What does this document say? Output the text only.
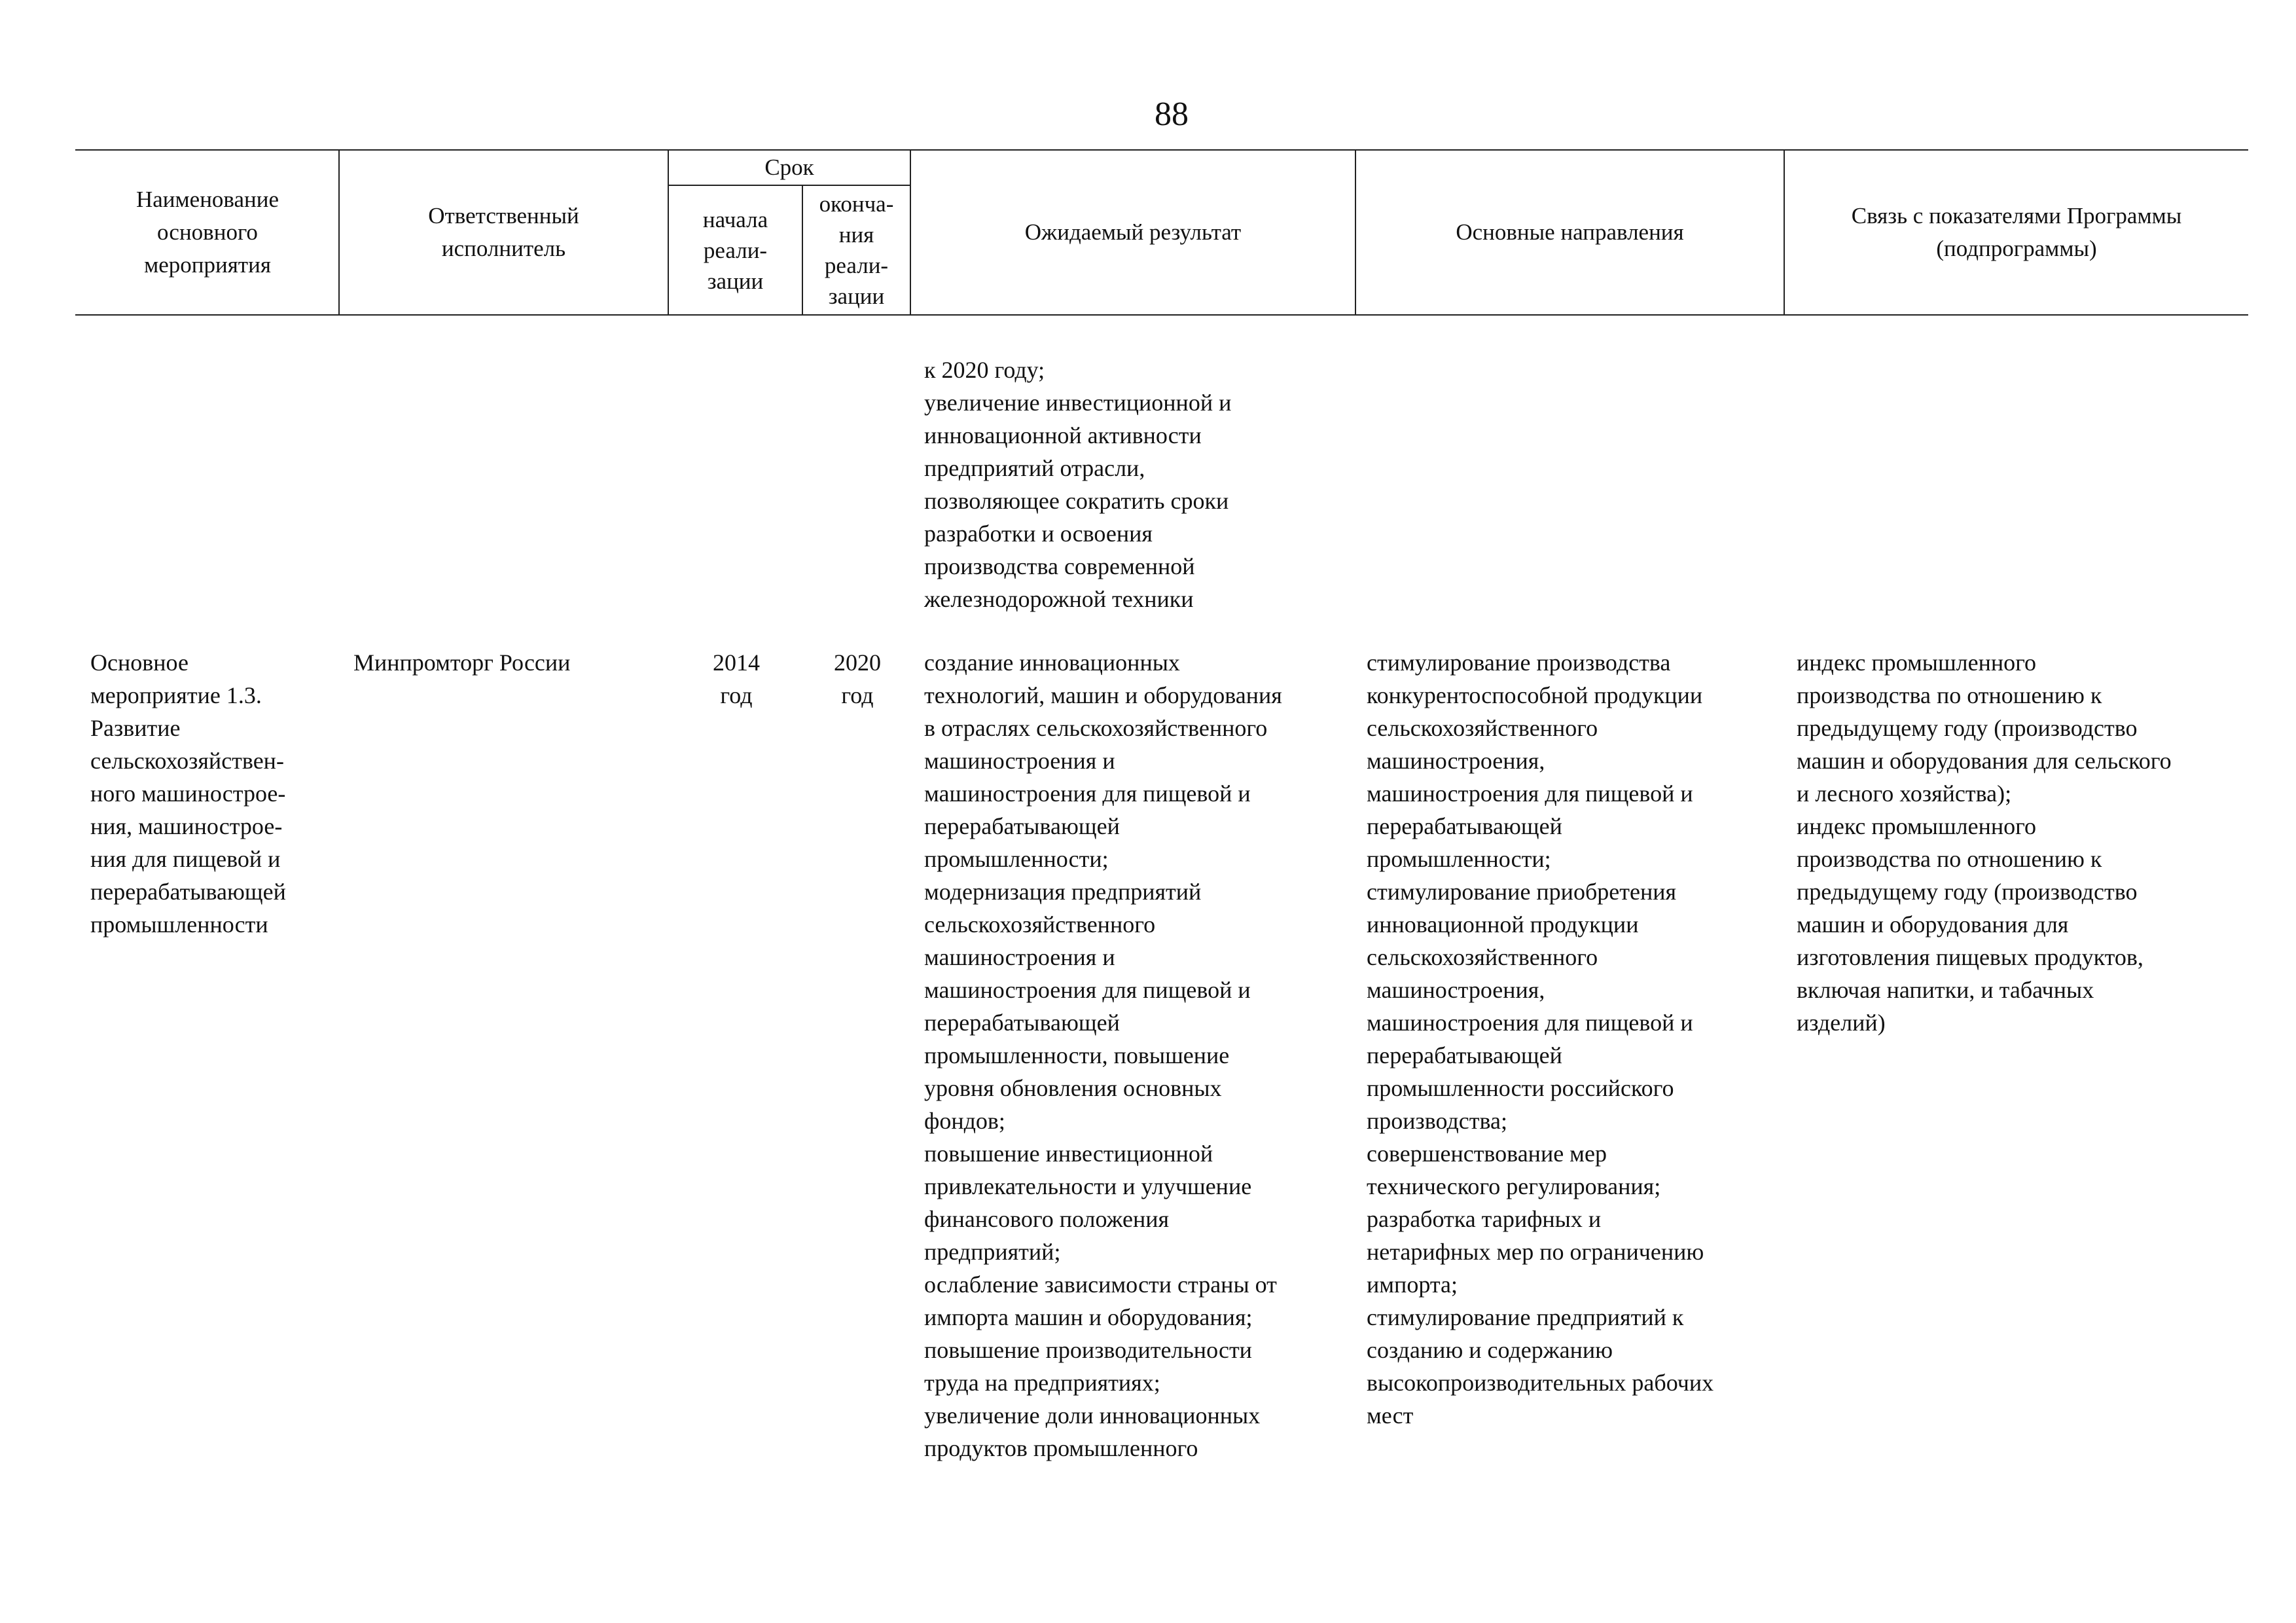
88
Наименование
основного
мероприятия
Ответственный
исполнитель
Срок
начала
реали-
зации
оконча-
ния
реали-
зации
Ожидаемый результат	Основные направления
Связь с показателями Программы
(подпрограммы)
к 2020 году;
увеличение инвестиционной и
инновационной активности
предприятий отрасли,
позволяющее сократить сроки
разработки и освоения
производства современной
железнодорожной техники
Основное
мероприятие 1.3.
Развитие
сельскохозяйствен-
ного машинострое-
ния, машинострое-
ния для пищевой и
перерабатывающей
промышленности
Минпромторг России	2014
год
2020
год
создание инновационных
технологий, машин и оборудования
в отраслях сельскохозяйственного
машиностроения и
машиностроения для пищевой и
перерабатывающей
промышленности;
модернизация предприятий
сельскохозяйственного
машиностроения и
машиностроения для пищевой и
перерабатывающей
промышленности, повышение
уровня обновления основных
фондов;
повышение инвестиционной
привлекательности и улучшение
финансового положения
предприятий;
ослабление зависимости страны от
импорта машин и оборудования;
повышение производительности
труда на предприятиях;
увеличение доли инновационных
продуктов промышленного
стимулирование производства
конкурентоспособной продукции
сельскохозяйственного
машиностроения,
машиностроения для пищевой и
перерабатывающей
промышленности;
стимулирование приобретения
инновационной продукции
сельскохозяйственного
машиностроения,
машиностроения для пищевой и
перерабатывающей
промышленности российского
производства;
совершенствование мер
технического регулирования;
разработка тарифных и
нетарифных мер по ограничению
импорта;
стимулирование предприятий к
созданию и содержанию
высокопроизводительных рабочих
мест
индекс промышленного
производства по отношению к
предыдущему году (производство
машин и оборудования для сельского
и лесного хозяйства);
индекс промышленного
производства по отношению к
предыдущему году (производство
машин и оборудования для
изготовления пищевых продуктов,
включая напитки, и табачных
изделий)
